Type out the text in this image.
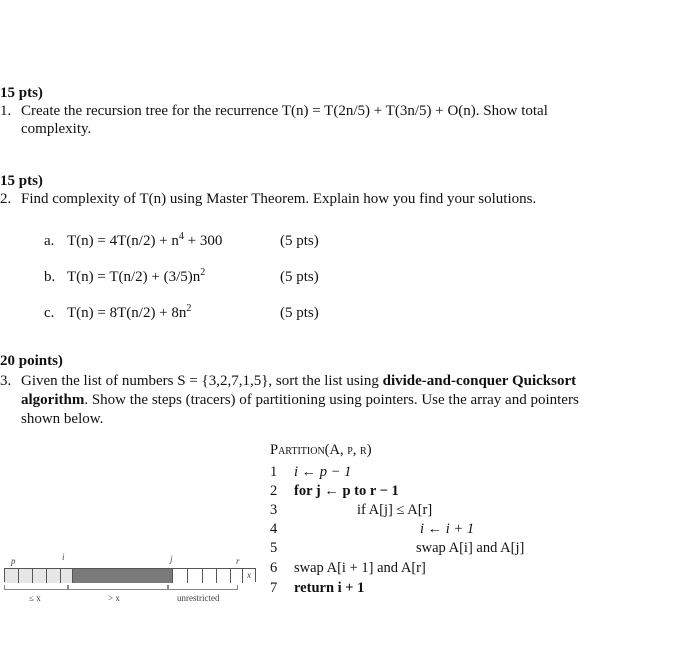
15 pts)
1. Create the recursion tree for the recurrence T(n) = T(2n/5) + T(3n/5) + O(n). Show total
complexity.
15 pts)
2. Find complexity of T(n) using Master Theorem. Explain how you find your solutions.
a. $T(n) = 4T(n/2) + n^4 + 300$	(5 pts)
b. $T(n) = T(n/2) + (3/5)n^2$	(5 pts)
c. $T(n) = 8T(n/2) + 8n^2$	(5 pts)
20 points)
3. Given the list of numbers S = {3,2,7,1,5}, sort the list using divide-and-conquer Quicksort
algorithm. Show the steps (tracers) of partitioning using pointers. Use the array and pointers
shown below.
Partition(A, p, r)
1 i ← p − 1
2 for j ← p to r − 1
3	if A[j] ≤ A[r]
4	i ← i + 1
5	swap A[i] and A[j]
6 swap A[i + 1] and A[r]
7 return i + 1
p	i	j	r
x
≤ x	> x	unrestricted
